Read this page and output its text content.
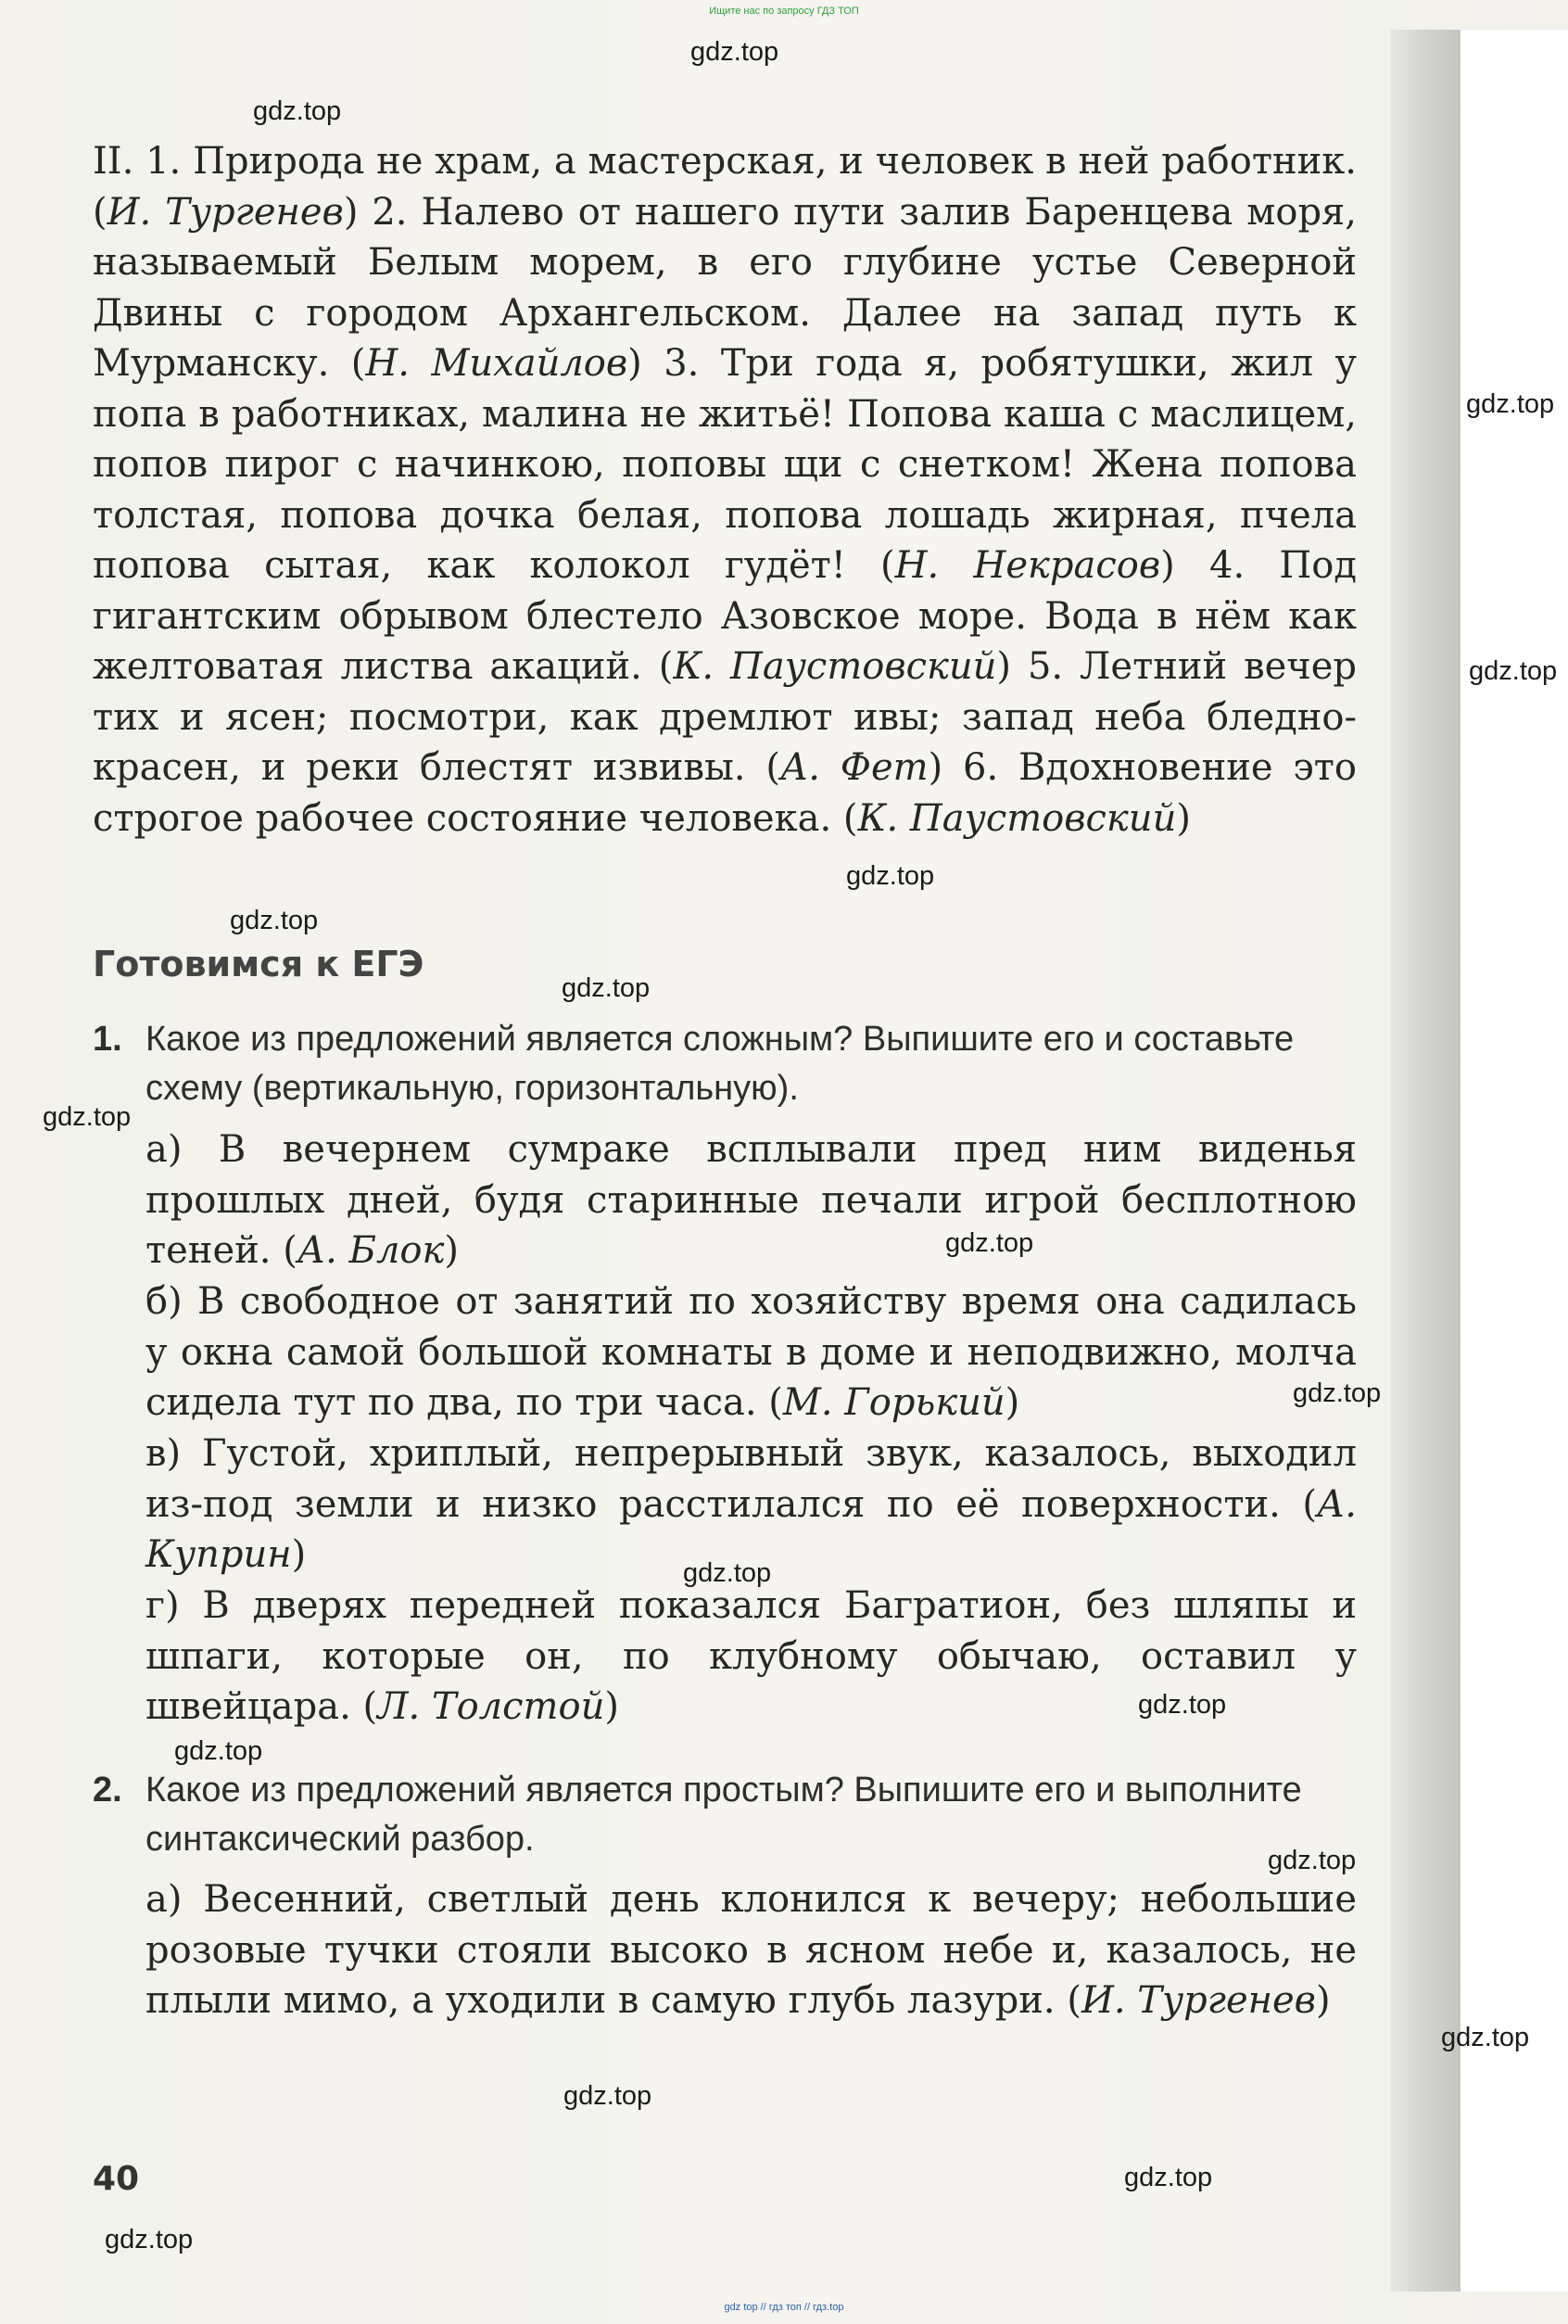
Ищите нас по запросу ГДЗ ТОП

II. 1. Природа не храм, а мастерская, и человек в ней работник. (И. Тургенев) 2. Налево от нашего пути залив Баренцева моря, называемый Белым морем, в его глубине устье Северной Двины с городом Архангельском. Далее на запад путь к Мурманску. (Н. Михайлов) 3. Три года я, робятушки, жил у попа в работниках, малина не житьё! Попова каша с маслицем, попов пирог с начинкою, поповы щи с снетком! Жена попова толстая, попова дочка белая, попова лошадь жирная, пчела попова сытая, как колокол гудёт! (Н. Некрасов) 4. Под гигантским обрывом блестело Азовское море. Вода в нём как желтоватая листва акаций. (К. Паустовский) 5. Летний вечер тих и ясен; посмотри, как дремлют ивы; запад неба бледно-красен, и реки блестят извивы. (А. Фет) 6. Вдохновение это строгое рабочее состояние человека. (К. Паустовский)

Готовимся к ЕГЭ
1. Какое из предложений является сложным? Выпишите его и составьте схему (вертикальную, горизонтальную).
а) В вечернем сумраке всплывали пред ним виденья прошлых дней, будя старинные печали игрой бесплотною теней. (А. Блок)
б) В свободное от занятий по хозяйству время она садилась у окна самой большой комнаты в доме и неподвижно, молча сидела тут по два, по три часа. (М. Горький)
в) Густой, хриплый, непрерывный звук, казалось, выходил из-под земли и низко расстилался по её поверхности. (А. Куприн)
г) В дверях передней показался Багратион, без шляпы и шпаги, которые он, по клубному обычаю, оставил у швейцара. (Л. Толстой)
2. Какое из предложений является простым? Выпишите его и выполните синтаксический разбор.
а) Весенний, светлый день клонился к вечеру; небольшие розовые тучки стояли высоко в ясном небе и, казалось, не плыли мимо, а уходили в самую глубь лазури. (И. Тургенев)
40
gdz.top
gdz.top
gdz.top
gdz.top
gdz.top
gdz.top
gdz.top
gdz.top
gdz.top
gdz.top
gdz.top
gdz.top
gdz.top
gdz.top
gdz.top
gdz.top
gdz.top
gdz.top
gdz top // гдз топ // гдз.top
